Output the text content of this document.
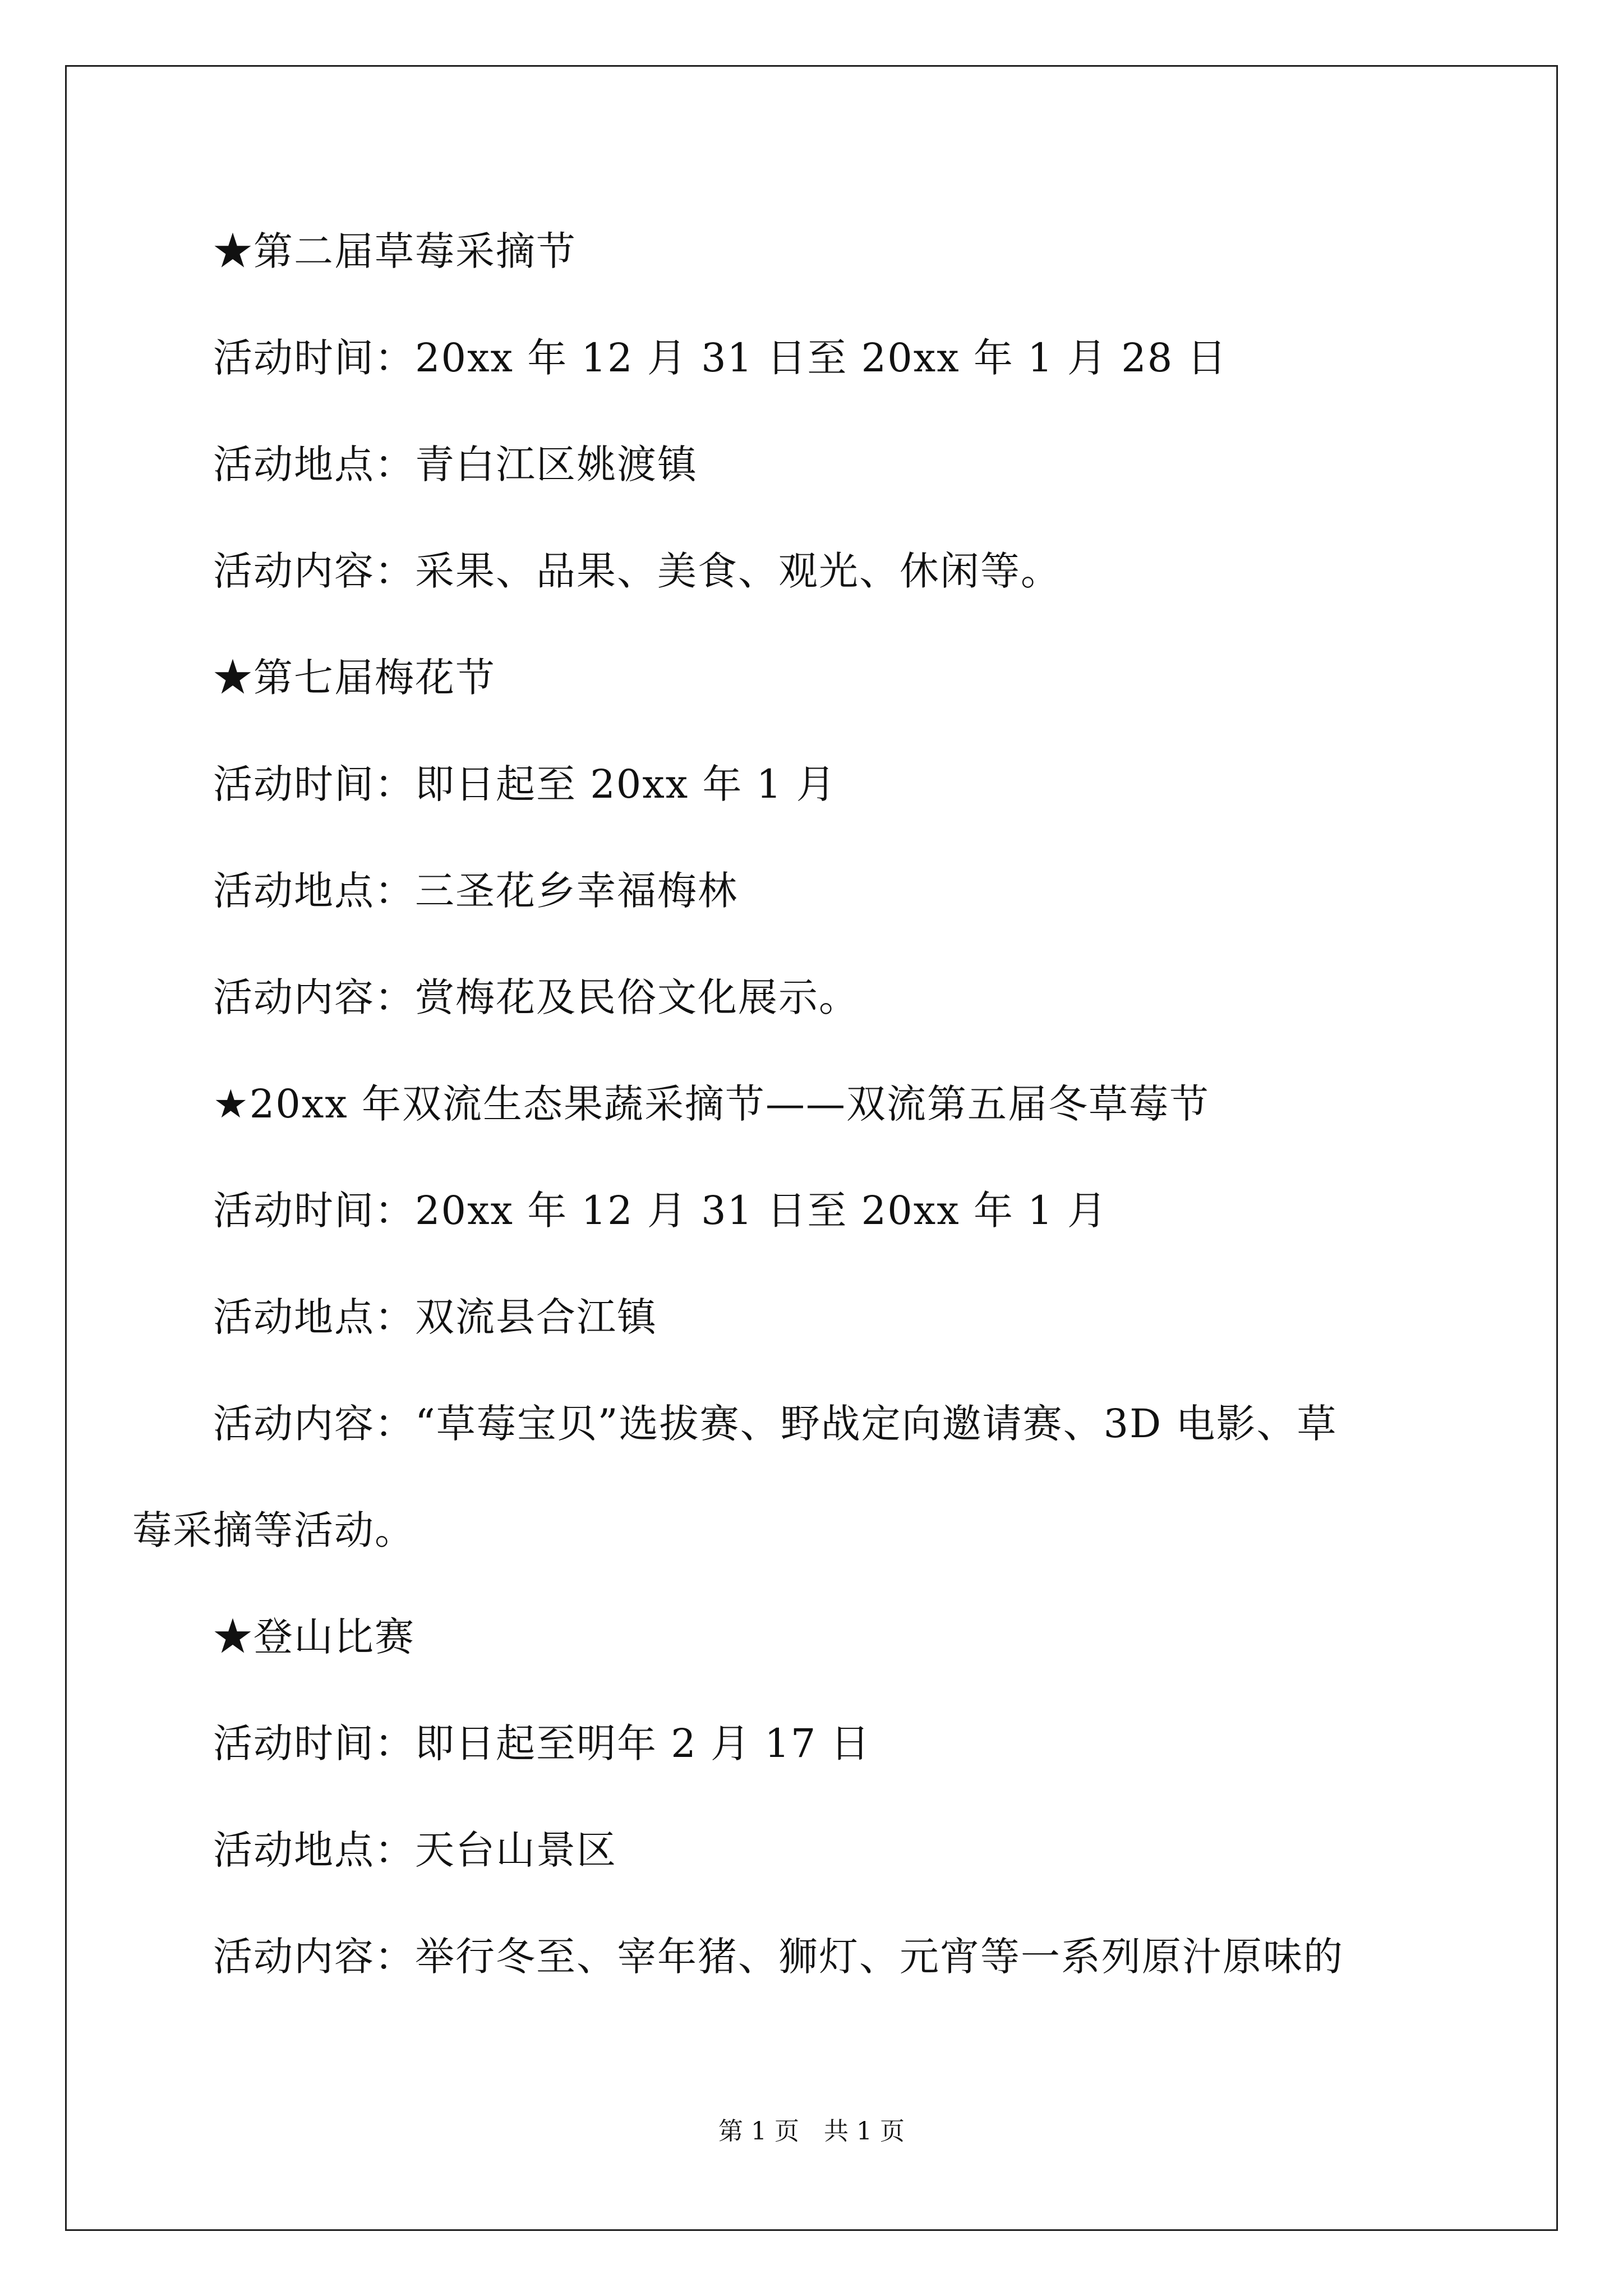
★第二届草莓采摘节
活动时间：20xx 年 12 月 31 日至 20xx 年 1 月 28 日
活动地点：青白江区姚渡镇
活动内容：采果、品果、美食、观光、休闲等。
★第七届梅花节
活动时间：即日起至 20xx 年 1 月
活动地点：三圣花乡幸福梅林
活动内容：赏梅花及民俗文化展示。
★20xx 年双流生态果蔬采摘节——双流第五届冬草莓节
活动时间：20xx 年 12 月 31 日至 20xx 年 1 月
活动地点：双流县合江镇
活动内容：“草莓宝贝”选拔赛、野战定向邀请赛、3D 电影、草
莓采摘等活动。
★登山比赛
活动时间：即日起至明年 2 月 17 日
活动地点：天台山景区
活动内容：举行冬至、宰年猪、狮灯、元宵等一系列原汁原味的
第 1 页　共 1 页
